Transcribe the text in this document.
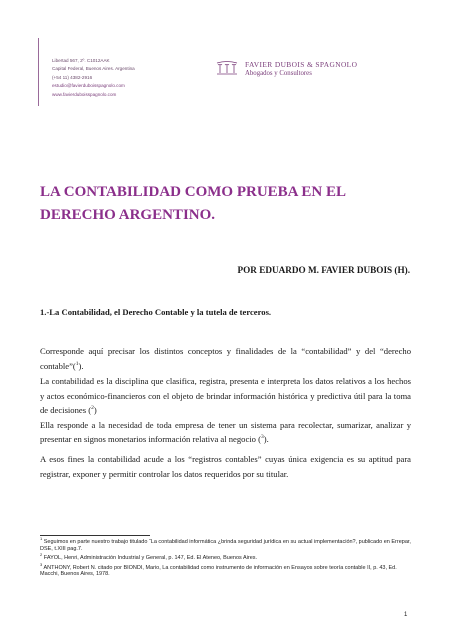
Libertad 567, 2º. C1012AAK
Capital Federal, Buenos Aires. Argentina
(+54 11) 4382-2916
estudio@favierduboisspagnolo.com
www.favierduboisspagnolo.com
FAVIER DUBOIS & SPAGNOLO
Abogados y Consultores
LA CONTABILIDAD COMO PRUEBA EN EL DERECHO ARGENTINO.
POR EDUARDO M. FAVIER DUBOIS (H).
1.-La Contabilidad, el Derecho Contable y la tutela de terceros.

Corresponde aquí precisar los distintos conceptos y finalidades de la “contabilidad” y del “derecho contable”($^1$).

La contabilidad es la disciplina que clasifica, registra, presenta e interpreta los datos relativos a los hechos y actos económico-financieros con el objeto de brindar información histórica y predictiva útil para la toma de decisiones ($^2$)
Ella responde a la necesidad de toda empresa de tener un sistema para recolectar, sumarizar, analizar y presentar en signos monetarios información relativa al negocio ($^3$).

A esos fines la contabilidad acude a los “registros contables” cuyas única exigencia es su aptitud para registrar, exponer y permitir controlar los datos requeridos por su titular.

$^1$ Seguimos en parte nuestro trabajo titulado “La contabilidad informática ¿brinda seguridad jurídica en su actual implementación?, publicado en Errepar, DSE, t.XIII pag.7.

$^2$ FAYOL, Henri, Administración Industrial y General, p. 147, Ed. El Ateneo, Buenos Aires.

$^3$ ANTHONY, Robert N. citado por BIONDI, Mario, La contabilidad como instrumento de información en Ensayos sobre teoría contable II, p. 43, Ed. Macchi, Buenos Aires, 1978.

1
